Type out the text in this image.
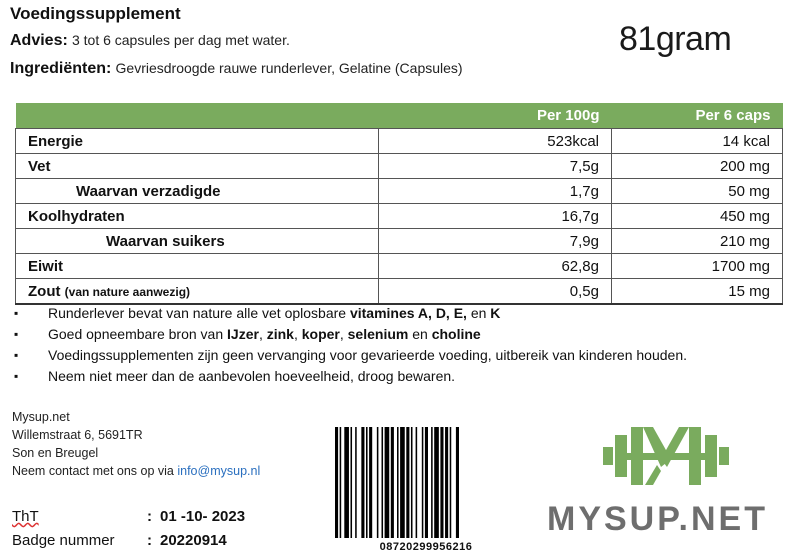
Voedingssupplement
Advies: 3 tot 6 capsules per dag met water.
Ingrediënten: Gevriesdroogde rauwe runderlever, Gelatine (Capsules)
81gram
	Per 100g	Per 6 caps
Energie	523kcal	14 kcal
Vet	7,5g	200 mg
Waarvan verzadigde	1,7g	50 mg
Koolhydraten	16,7g	450 mg
Waarvan suikers	7,9g	210 mg
Eiwit	62,8g	1700 mg
Zout (van nature aanwezig)	0,5g	15 mg
▪ Runderlever bevat van nature alle vet oplosbare vitamines A, D, E, en K
▪ Goed opneembare bron van IJzer, zink, koper, selenium en choline
▪ Voedingssupplementen zijn geen vervanging voor gevarieerde voeding, uitbereik van kinderen houden.
▪ Neem niet meer dan de aanbevolen hoeveelheid, droog bewaren.
Mysup.net
Willemstraat 6, 5691TR
Son en Breugel
Neem contact met ons op via info@mysup.nl
ThT	: 01 -10- 2023
Badge nummer : 20220914	08720299956216
MYSUP.NET
